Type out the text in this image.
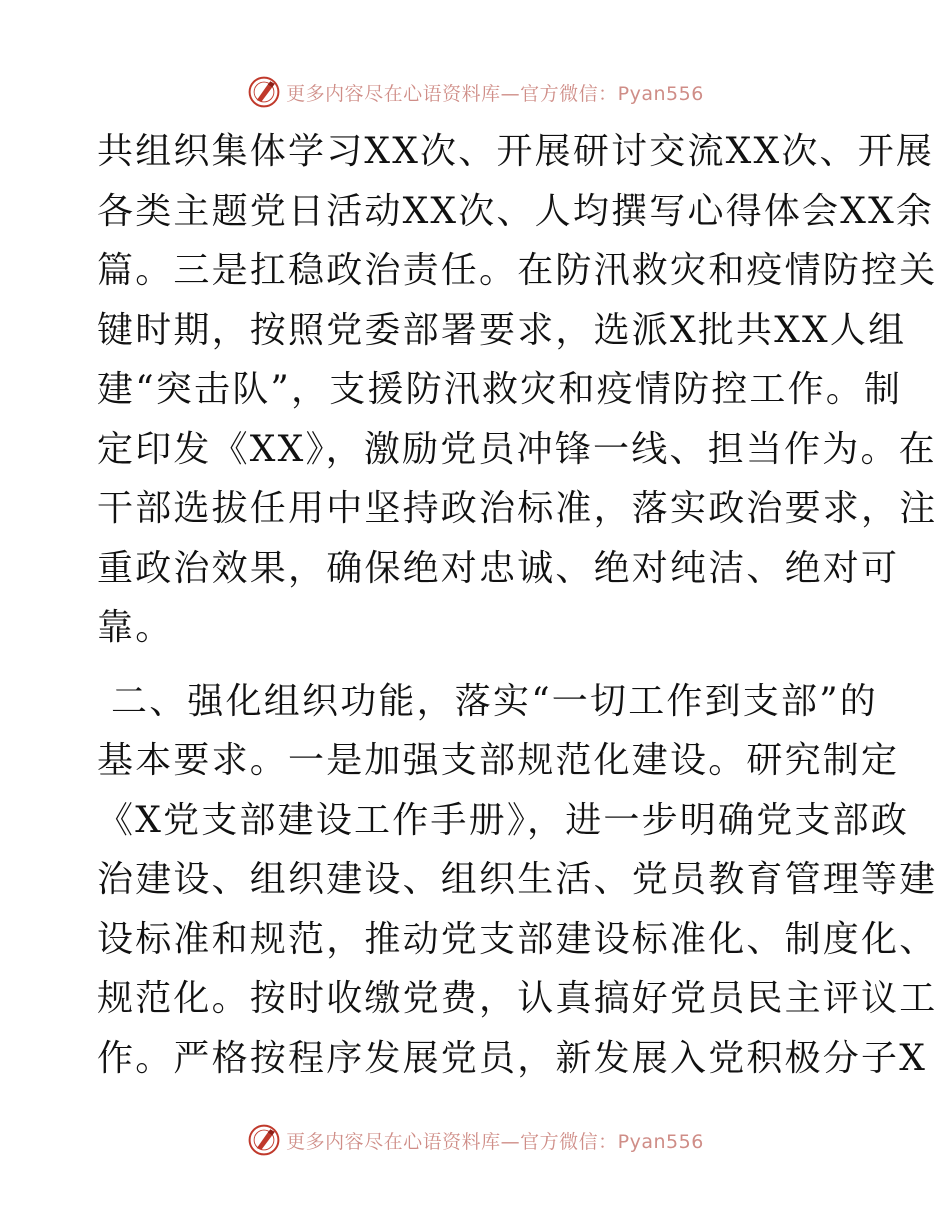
更多内容尽在心语资料库—官方微信：Pyan556
共组织集体学习XX次、开展研讨交流XX次、开展
各类主题党日活动XX次、人均撰写心得体会XX余
篇。三是扛稳政治责任。在防汛救灾和疫情防控关
键时期，按照党委部署要求，选派X批共XX人组
建“突击队”，支援防汛救灾和疫情防控工作。制
定印发《XX》，激励党员冲锋一线、担当作为。在
干部选拔任用中坚持政治标准，落实政治要求，注
重政治效果，确保绝对忠诚、绝对纯洁、绝对可
靠。
二、强化组织功能，落实“一切工作到支部”的
基本要求。一是加强支部规范化建设。研究制定
《X党支部建设工作手册》，进一步明确党支部政
治建设、组织建设、组织生活、党员教育管理等建
设标准和规范，推动党支部建设标准化、制度化、
规范化。按时收缴党费，认真搞好党员民主评议工
作。严格按程序发展党员，新发展入党积极分子X
更多内容尽在心语资料库—官方微信：Pyan556
